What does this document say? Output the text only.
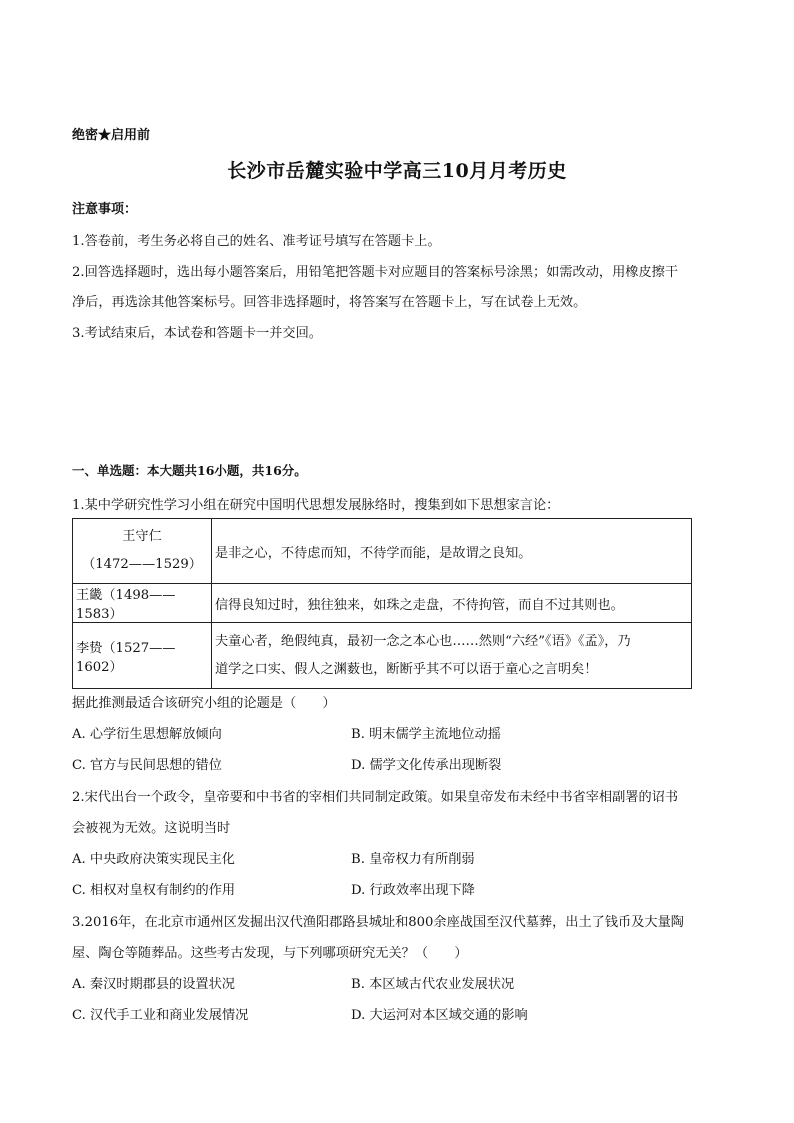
绝密★启用前
长沙市岳麓实验中学高三10月月考历史
注意事项：
1.答卷前，考生务必将自己的姓名、准考证号填写在答题卡上。
2.回答选择题时，选出每小题答案后，用铅笔把答题卡对应题目的答案标号涂黑；如需改动，用橡皮擦干
净后，再选涂其他答案标号。回答非选择题时，将答案写在答题卡上，写在试卷上无效。
3.考试结束后，本试卷和答题卡一并交回。
一、单选题：本大题共16小题，共16分。
1.某中学研究性学习小组在研究中国明代思想发展脉络时，搜集到如下思想家言论：
王守仁
（1472——1529）	是非之心，不待虑而知，不待学而能，是故谓之良知。
王畿（1498——1583）	信得良知过时，独往独来，如珠之走盘，不待拘管，而自不过其则也。
李贽（1527——1602）	夫童心者，绝假纯真，最初一念之本心也……然则“六经”《语》《孟》，乃
道学之口实、假人之渊薮也，断断乎其不可以语于童心之言明矣！
据此推测最适合该研究小组的论题是（　　）
A. 心学衍生思想解放倾向	B. 明末儒学主流地位动摇
C. 官方与民间思想的错位	D. 儒学文化传承出现断裂
2.宋代出台一个政令，皇帝要和中书省的宰相们共同制定政策。如果皇帝发布未经中书省宰相副署的诏书
会被视为无效。这说明当时
A. 中央政府决策实现民主化	B. 皇帝权力有所削弱
C. 相权对皇权有制约的作用	D. 行政效率出现下降
3.2016年，在北京市通州区发掘出汉代渔阳郡路县城址和800余座战国至汉代墓葬，出土了钱币及大量陶
屋、陶仓等随葬品。这些考古发现，与下列哪项研究无关？（　　）
A. 秦汉时期郡县的设置状况	B. 本区域古代农业发展状况
C. 汉代手工业和商业发展情况	D. 大运河对本区域交通的影响
